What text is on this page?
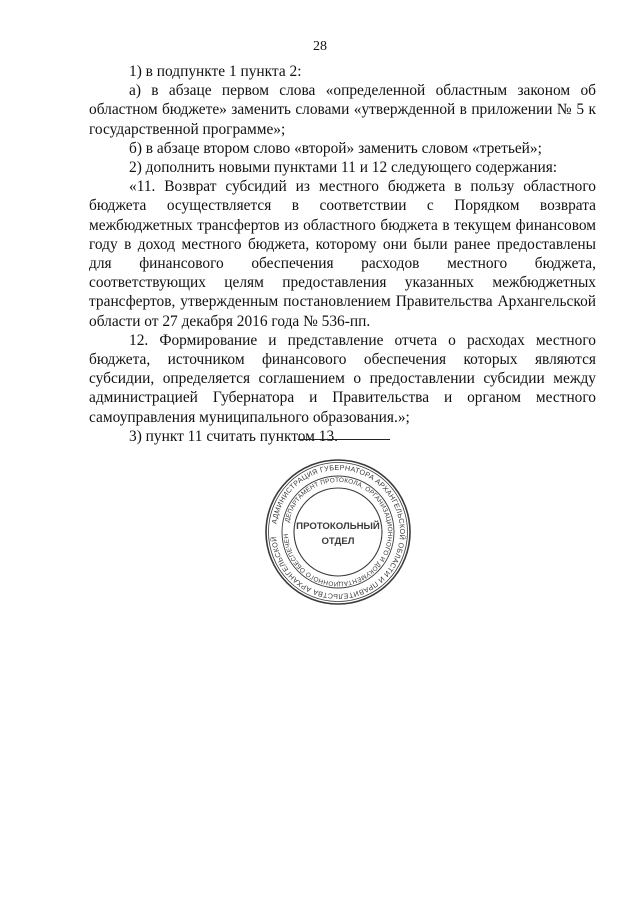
28

1) в подпункте 1 пункта 2:

а) в абзаце первом слова «определенной областным законом об областном бюджете» заменить словами «утвержденной в приложении № 5 к государственной программе»;

б) в абзаце втором слово «второй» заменить словом «третьей»;

2) дополнить новыми пунктами 11 и 12 следующего содержания:

«11. Возврат субсидий из местного бюджета в пользу областного бюджета осуществляется в соответствии с Порядком возврата межбюджетных трансфертов из областного бюджета в текущем финансовом году в доход местного бюджета, которому они были ранее предоставлены для финансового обеспечения расходов местного бюджета, соответствующих целям предоставления указанных межбюджетных трансфертов, утвержденным постановлением Правительства Архангельской области от 27 декабря 2016 года № 536-пп.

12. Формирование и представление отчета о расходах местного бюджета, источником финансового обеспечения которых являются субсидии, определяется соглашением о предоставлении субсидии между администрацией Губернатора и Правительства и органом местного самоуправления муниципального образования.»;

3) пункт 11 считать пунктом 13.

АДМИНИСТРАЦИЯ ГУБЕРНАТОРА АРХАНГЕЛЬСКОЙ ОБЛАСТИ И ПРАВИТЕЛЬСТВА АРХАНГЕЛЬСКОЙ
ДЕПАРТАМЕНТ ПРОТОКОЛА, ОРГАНИЗАЦИОННОГО И ДОКУМЕНТАЦИОННОГО ОБЕСПЕЧЕН
ПРОТОКОЛЬНЫЙ
ОТДЕЛ
